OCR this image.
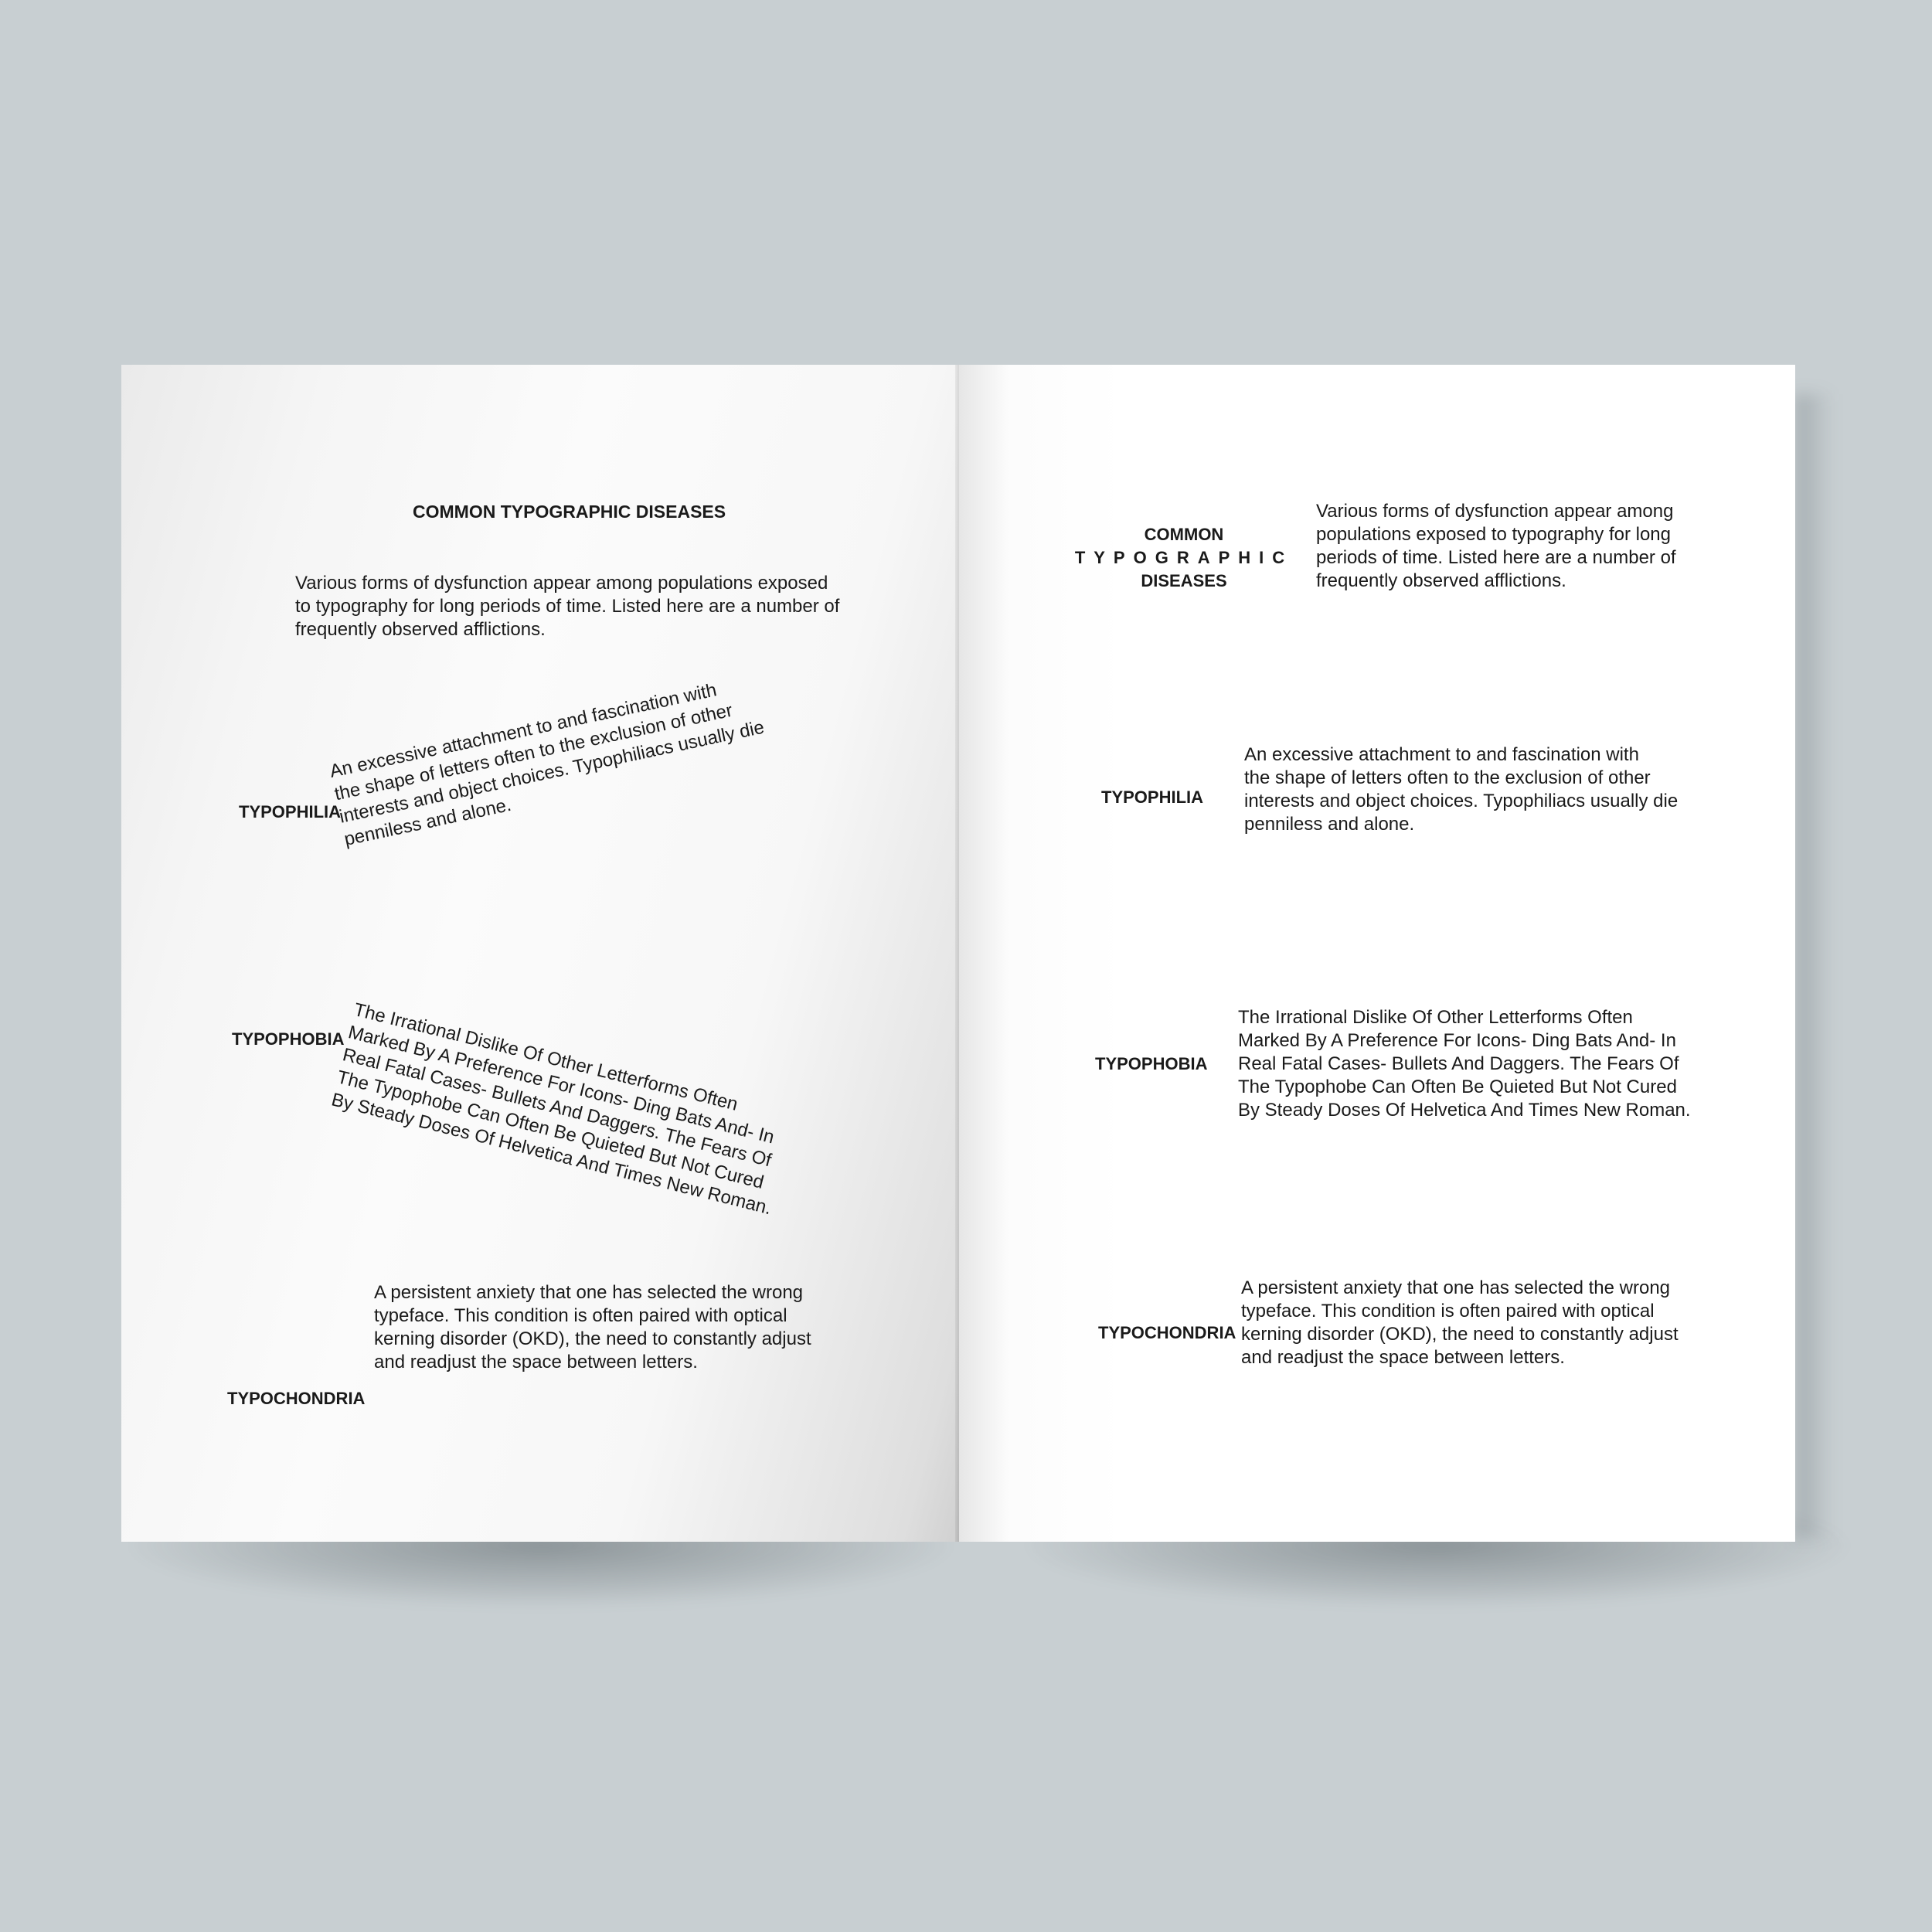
COMMON TYPOGRAPHIC DISEASES
Various forms of dysfunction appear among populations exposed
to typography for long periods of time. Listed here are a number of
frequently observed afflictions.
TYPOPHILIA
An excessive attachment to and fascination with
the shape of letters often to the exclusion of other
interests and object choices. Typophiliacs usually die
penniless and alone.
TYPOPHOBIA The Irrational Dislike Of Other Letterforms Often
Marked By A Preference For Icons- Ding Bats And- In
Real Fatal Cases- Bullets And Daggers. The Fears Of
The Typophobe Can Often Be Quieted But Not Cured
By Steady Doses Of Helvetica And Times New Roman.
A persistent anxiety that one has selected the wrong
typeface. This condition is often paired with optical
kerning disorder (OKD), the need to constantly adjust
and readjust the space between letters.
TYPOCHONDRIA
COMMON
TYPOGRAPHIC
DISEASES
Various forms of dysfunction appear among
populations exposed to typography for long
periods of time. Listed here are a number of
frequently observed afflictions.
TYPOPHILIA
An excessive attachment to and fascination with
the shape of letters often to the exclusion of other
interests and object choices. Typophiliacs usually die
penniless and alone.
TYPOPHOBIA
The Irrational Dislike Of Other Letterforms Often
Marked By A Preference For Icons- Ding Bats And- In
Real Fatal Cases- Bullets And Daggers. The Fears Of
The Typophobe Can Often Be Quieted But Not Cured
By Steady Doses Of Helvetica And Times New Roman.
TYPOCHONDRIA
A persistent anxiety that one has selected the wrong
typeface. This condition is often paired with optical
kerning disorder (OKD), the need to constantly adjust
and readjust the space between letters.
